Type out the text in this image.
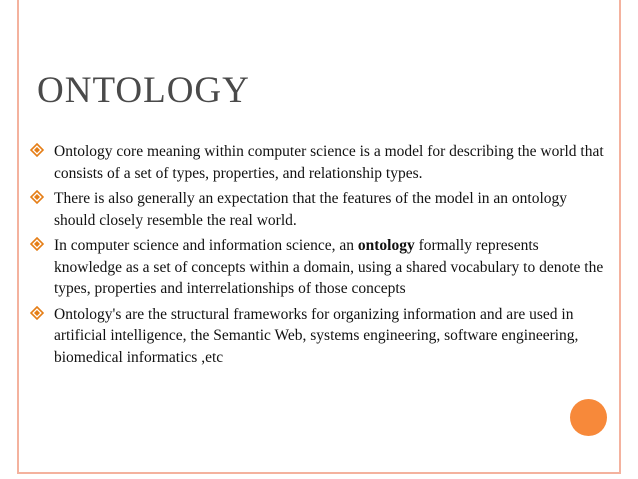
ONTOLOGY
Ontology core meaning within computer science is a model for describing the world that consists of a set of types, properties, and relationship types.
There is also generally an expectation that the features of the model in an ontology should closely resemble the real world.
In computer science and information science, an ontology formally represents knowledge as a set of concepts within a domain, using a shared vocabulary to denote the types, properties and interrelationships of those concepts
Ontology's are the structural frameworks for organizing information and are used in artificial intelligence, the Semantic Web, systems engineering, software engineering, biomedical informatics ,etc
